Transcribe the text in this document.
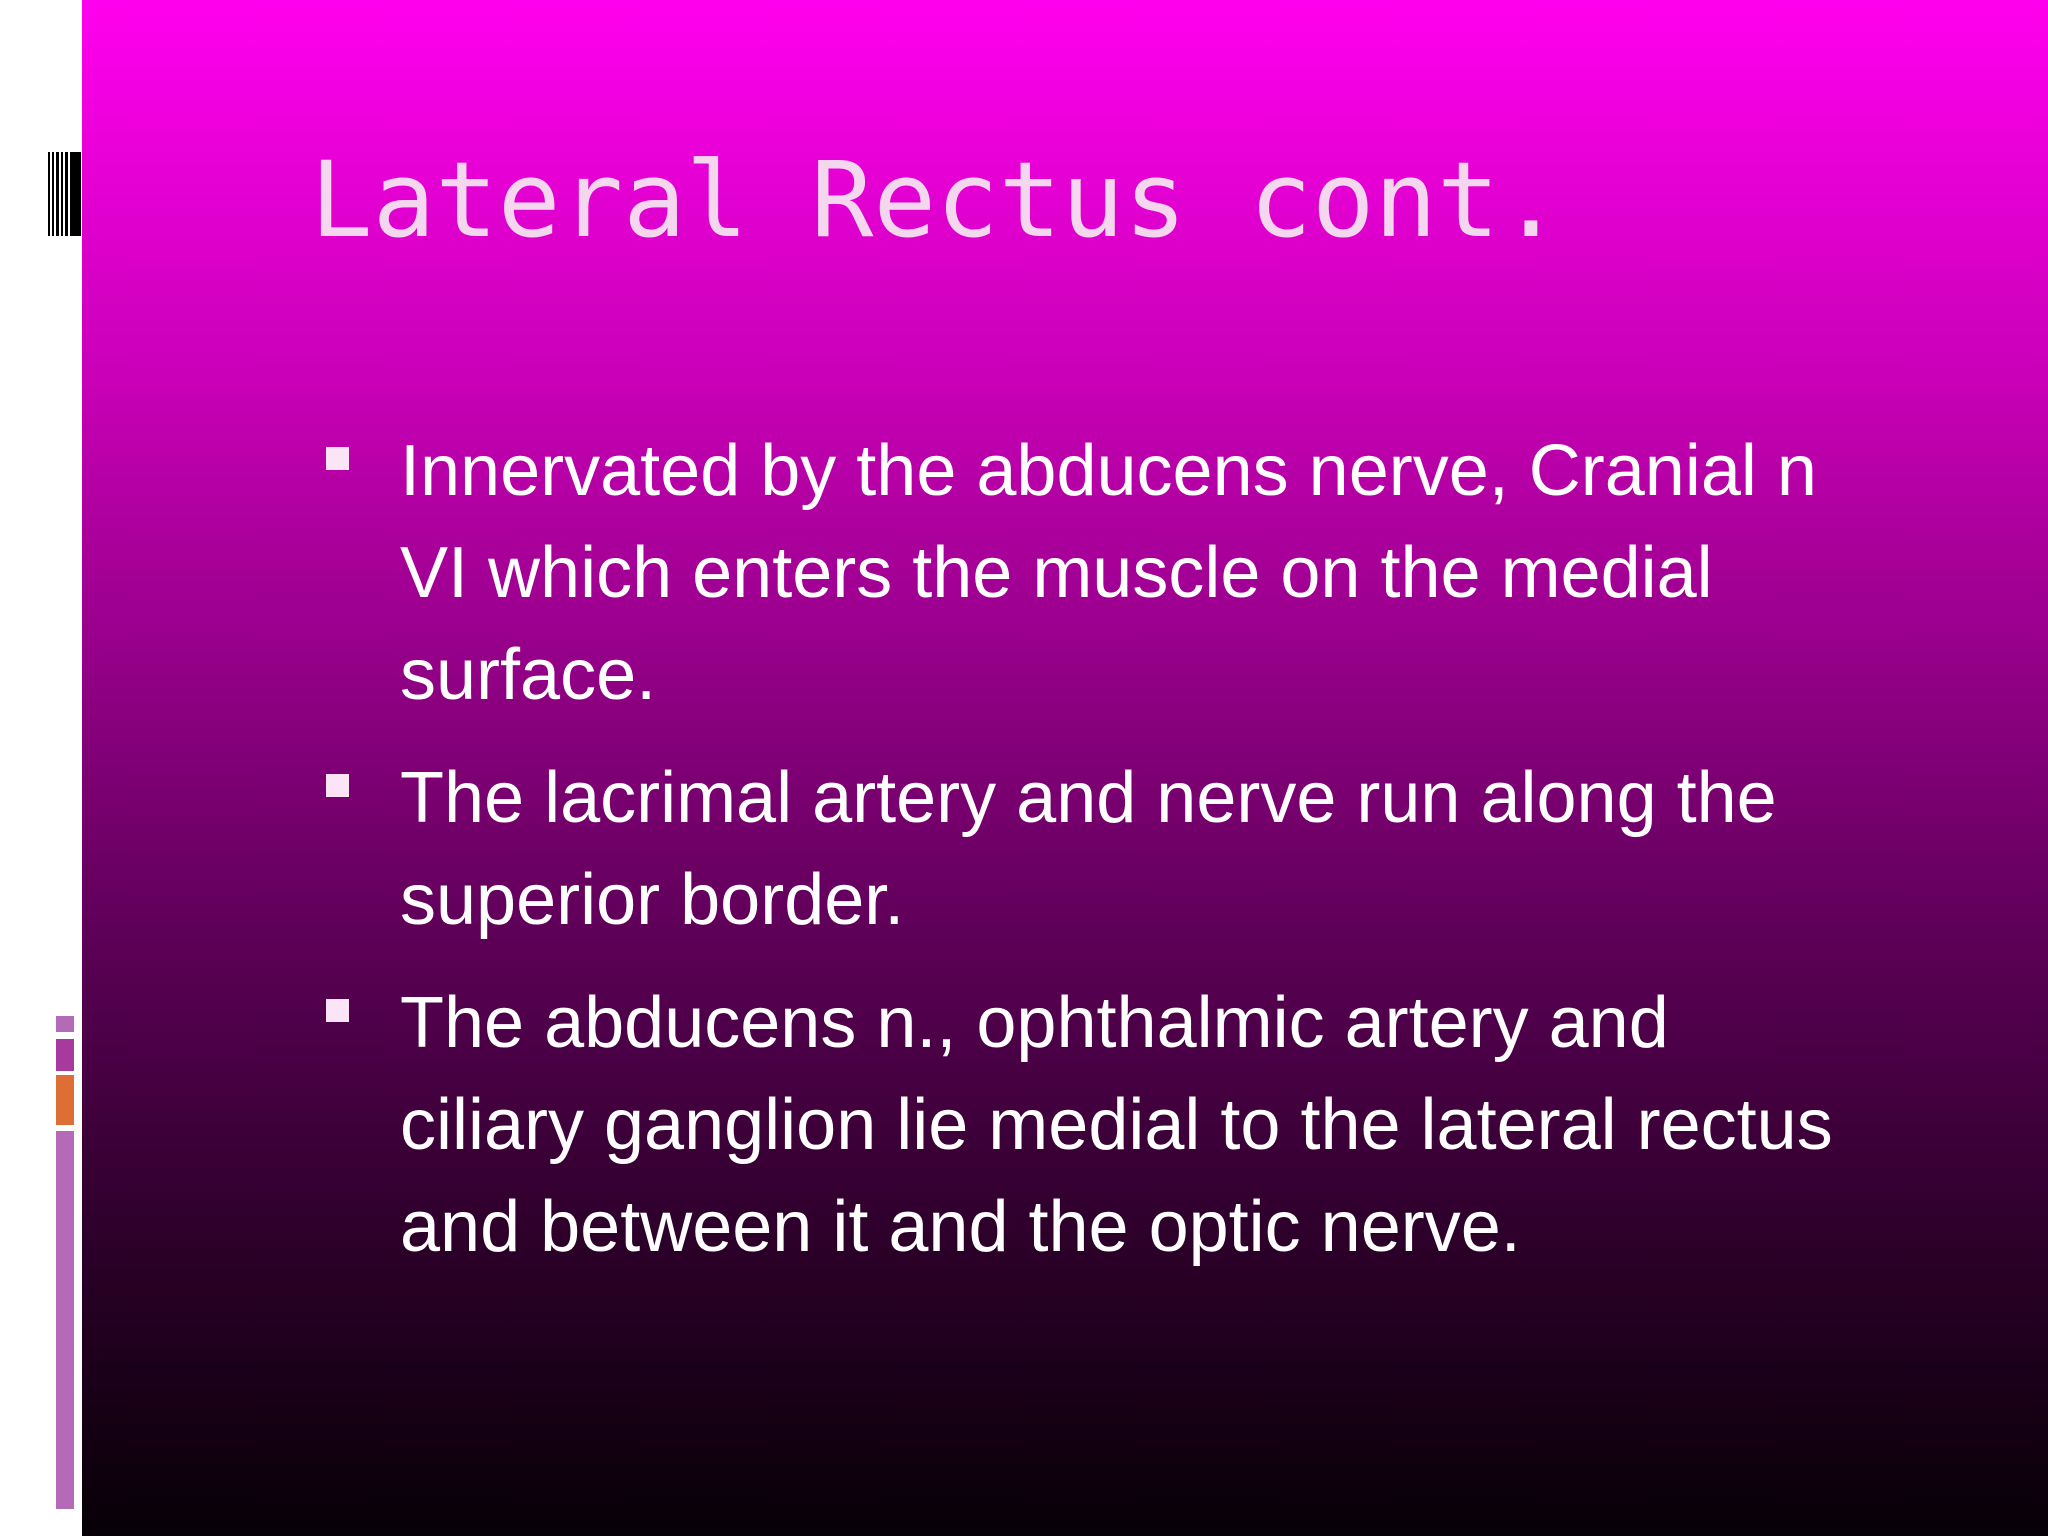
Lateral Rectus cont.
Innervated by the abducens nerve, Cranial n
VI which enters the muscle on the medial
surface.
The lacrimal artery and nerve run along the
superior border.
The abducens n., ophthalmic artery and
ciliary ganglion lie medial to the lateral rectus
and between it and the optic nerve.
